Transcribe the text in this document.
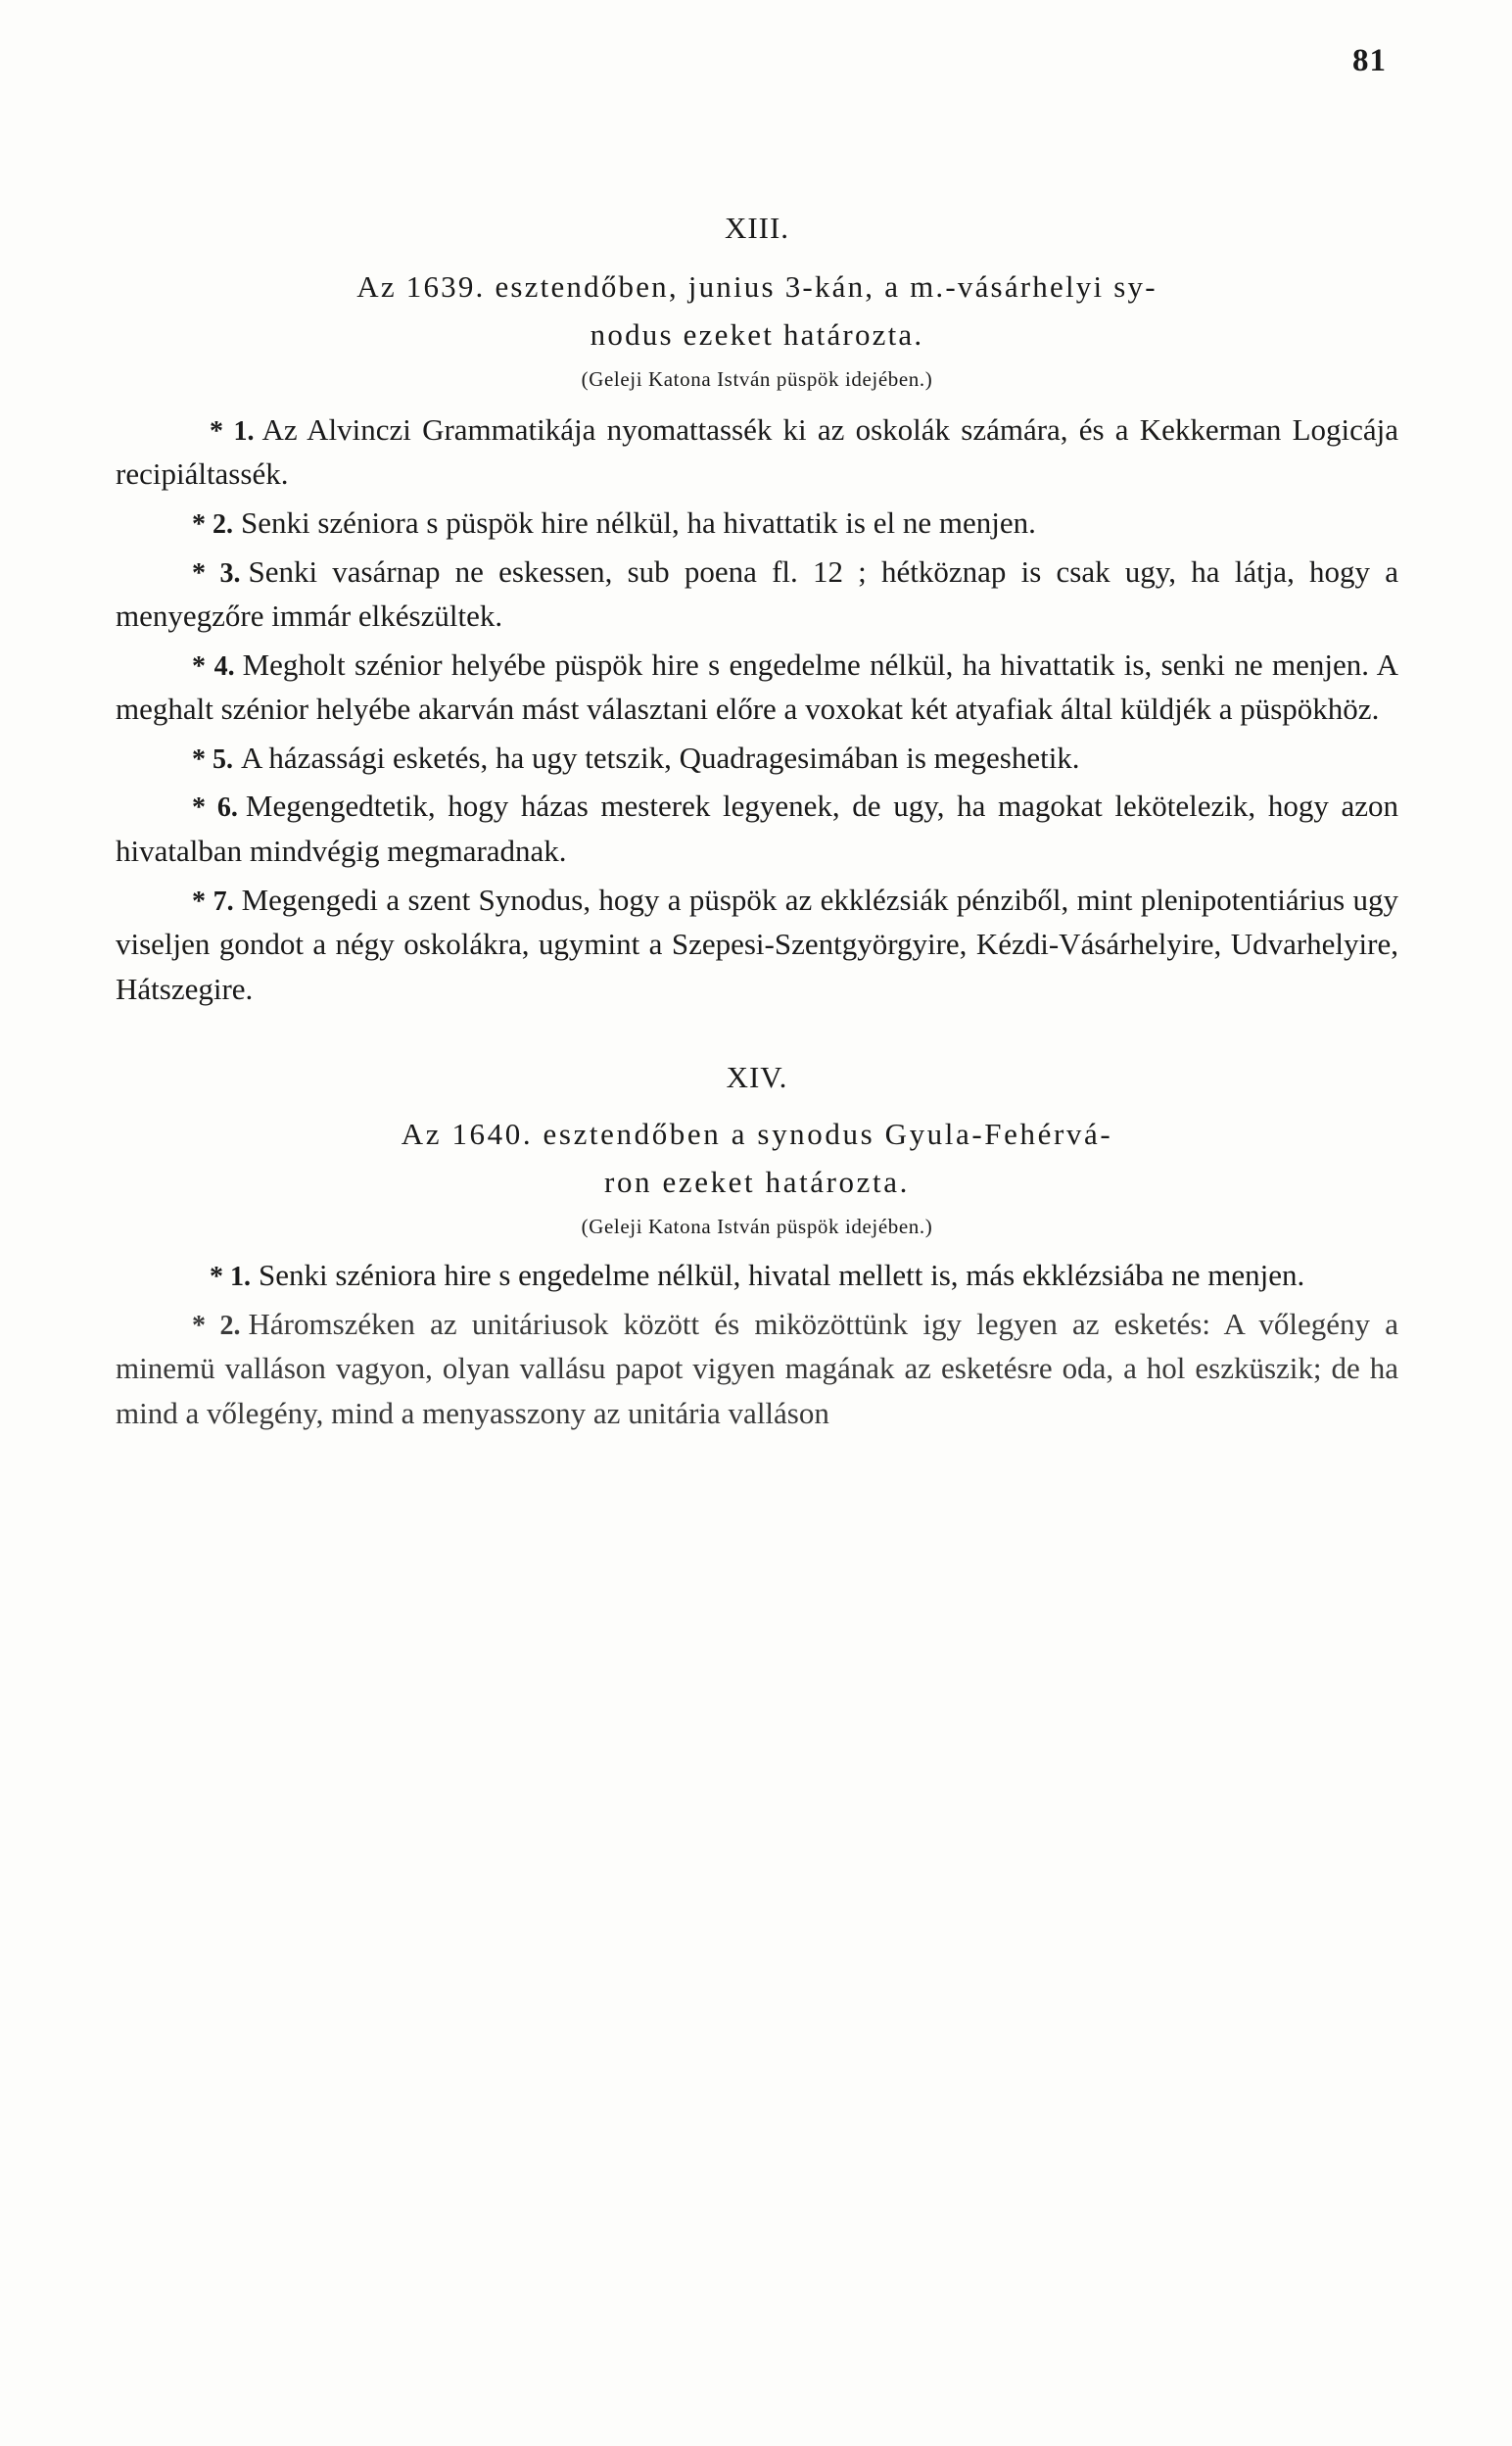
81
XIII.
Az 1639. esztendőben, junius 3-kán, a m.-vásárhelyi sy-
nodus ezeket határozta.
(Geleji Katona István püspök idejében.)

* 1. Az Alvinczi Grammatikája nyomattassék ki az oskolák számára, és a Kekkerman Logicája recipiáltassék.

* 2. Senki széniora s püspök hire nélkül, ha hivattatik is el ne menjen.

* 3. Senki vasárnap ne eskessen, sub poena fl. 12 ; hétköznap is csak ugy, ha látja, hogy a menyegzőre immár elkészültek.

* 4. Megholt szénior helyébe püspök hire s engedelme nélkül, ha hivattatik is, senki ne menjen. A meghalt szénior helyébe akarván mást választani előre a voxokat két atyafiak által küldjék a püspökhöz.

* 5. A házassági esketés, ha ugy tetszik, Quadragesimában is megeshetik.

* 6. Megengedtetik, hogy házas mesterek legyenek, de ugy, ha magokat lekötelezik, hogy azon hivatalban mindvégig megmaradnak.

* 7. Megengedi a szent Synodus, hogy a püspök az ekklézsiák pénziből, mint plenipotentiárius ugy viseljen gondot a négy oskolákra, ugymint a Szepesi-Szentgyörgyire, Kézdi-Vásárhelyire, Udvarhelyire, Hátszegire.

XIV.
Az 1640. esztendőben a synodus Gyula-Fehérvá-
ron ezeket határozta.
(Geleji Katona István püspök idejében.)

* 1. Senki széniora hire s engedelme nélkül, hivatal mellett is, más ekklézsiába ne menjen.

* 2. Háromszéken az unitáriusok között és miközöttünk igy legyen az esketés: A vőlegény a minemü valláson vagyon, olyan vallásu papot vigyen magának az esketésre oda, a hol eszküszik; de ha mind a vőlegény, mind a menyasszony az unitária valláson
